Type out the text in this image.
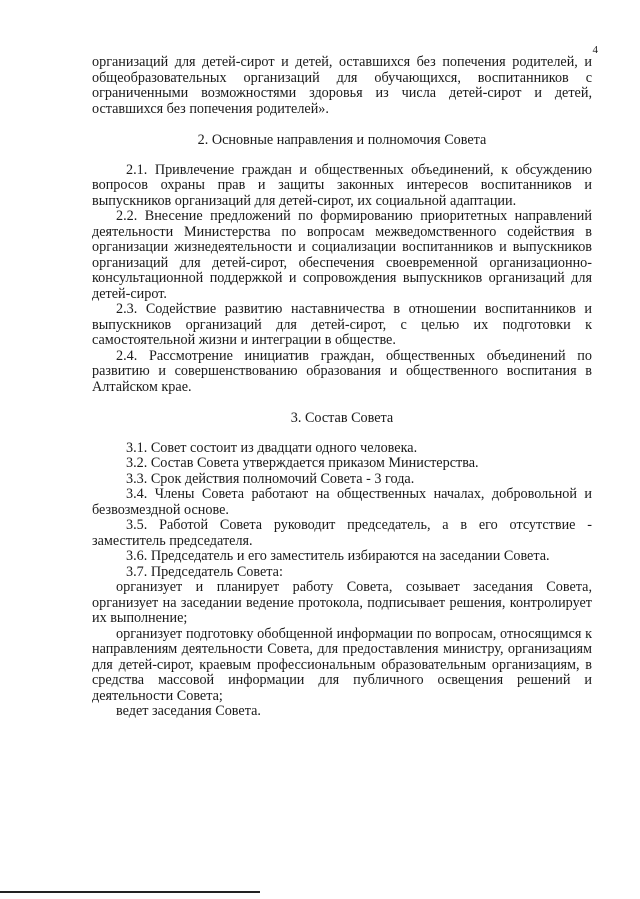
4

организаций для детей-сирот и детей, оставшихся без попечения родителей, и общеобразовательных организаций для обучающихся, воспитанников с ограниченными возможностями здоровья из числа детей-сирот и детей, оставшихся без попечения родителей».

2. Основные направления и полномочия Совета

2.1. Привлечение граждан и общественных объединений, к обсуждению вопросов охраны прав и защиты законных интересов воспитанников и выпускников организаций для детей-сирот, их социальной адаптации.

2.2. Внесение предложений по формированию приоритетных направлений деятельности Министерства по вопросам межведомственного содействия в организации жизнедеятельности и социализации воспитанников и выпускников организаций для детей-сирот, обеспечения своевременной организационно-консультационной поддержкой и сопровождения выпускников организаций для детей-сирот.

2.3. Содействие развитию наставничества в отношении воспитанников и выпускников организаций для детей-сирот, с целью их подготовки к самостоятельной жизни и интеграции в обществе.

2.4. Рассмотрение инициатив граждан, общественных объединений по развитию и совершенствованию образования и общественного воспитания в Алтайском крае.

3. Состав Совета

3.1. Совет состоит из двадцати одного человека.

3.2. Состав Совета утверждается приказом Министерства.

3.3. Срок действия полномочий Совета - 3 года.

3.4. Члены Совета работают на общественных началах, добровольной и безвозмездной основе.

3.5. Работой Совета руководит председатель, а в его отсутствие - заместитель председателя.

3.6. Председатель и его заместитель избираются на заседании Совета.

3.7. Председатель Совета:

организует и планирует работу Совета, созывает заседания Совета, организует на заседании ведение протокола, подписывает решения, контролирует их выполнение;

организует подготовку обобщенной информации по вопросам, относящимся к направлениям деятельности Совета, для предоставления министру, организациям для детей-сирот, краевым профессиональным образовательным организациям, в средства массовой информации для публичного освещения решений и деятельности Совета;

ведет заседания Совета.
